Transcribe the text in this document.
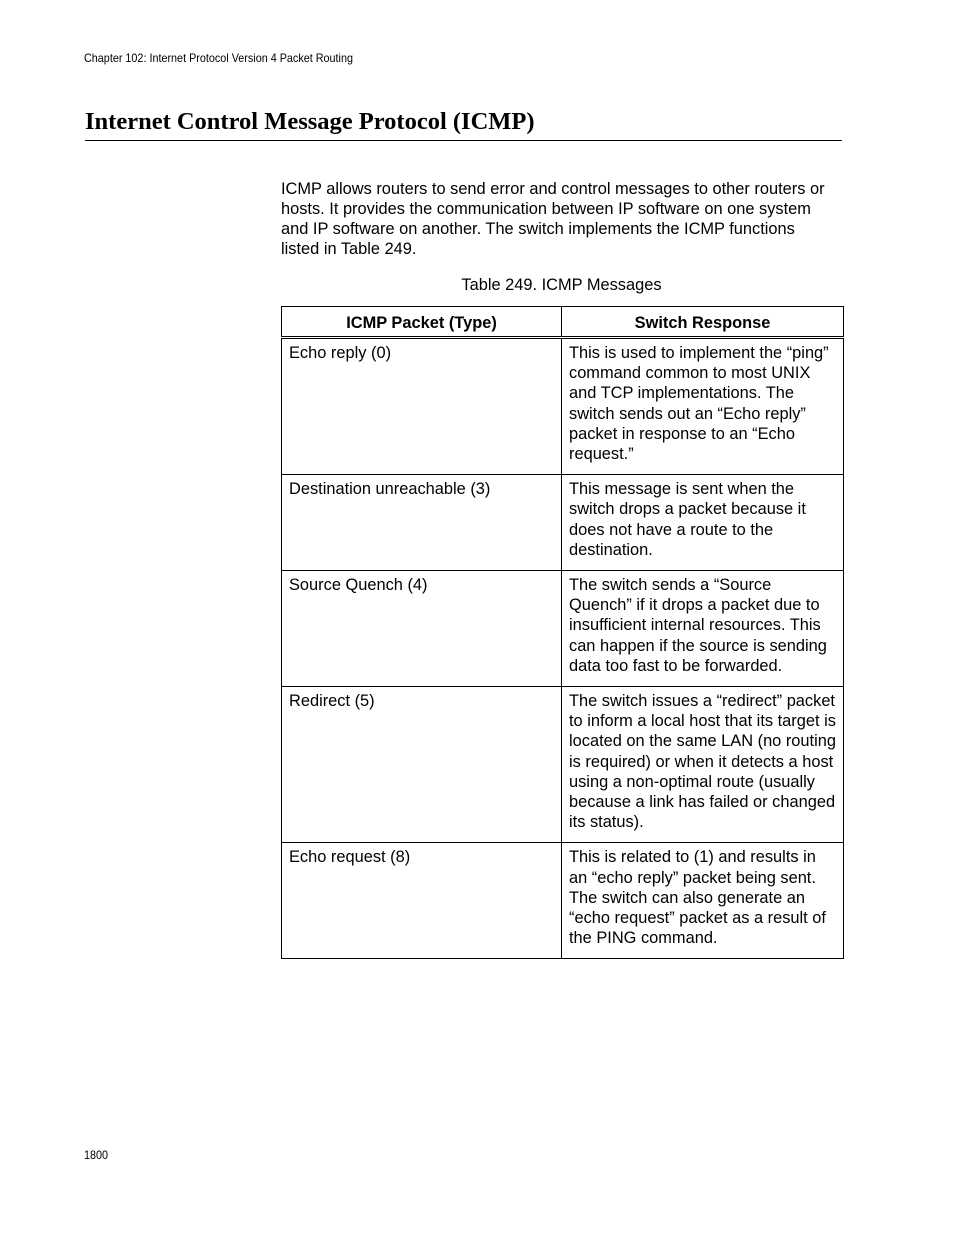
Chapter 102: Internet Protocol Version 4 Packet Routing
Internet Control Message Protocol (ICMP)

ICMP allows routers to send error and control messages to other routers or hosts. It provides the communication between IP software on one system and IP software on another. The switch implements the ICMP functions listed in Table 249.

Table 249. ICMP Messages
ICMP Packet (Type)	Switch Response
Echo reply (0)	This is used to implement the “ping” command common to most UNIX and TCP implementations. The switch sends out an “Echo reply” packet in response to an “Echo request.”
Destination unreachable (3)	This message is sent when the switch drops a packet because it does not have a route to the destination.
Source Quench (4)	The switch sends a “Source Quench” if it drops a packet due to insufficient internal resources. This can happen if the source is sending data too fast to be forwarded.
Redirect (5)	The switch issues a “redirect” packet to inform a local host that its target is located on the same LAN (no routing is required) or when it detects a host using a non-optimal route (usually because a link has failed or changed its status).
Echo request (8)	This is related to (1) and results in an “echo reply” packet being sent. The switch can also generate an “echo request” packet as a result of the PING command.
1800
